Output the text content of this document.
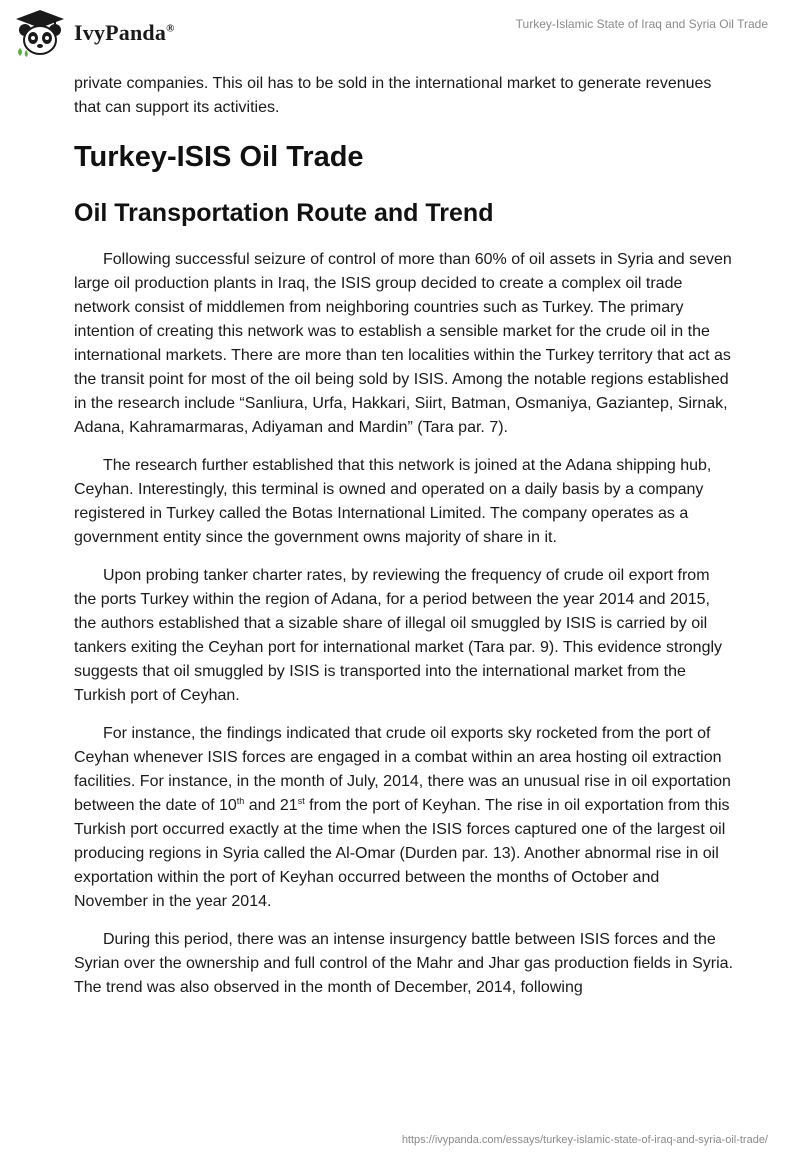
IvyPanda®	Turkey-Islamic State of Iraq and Syria Oil Trade

private companies. This oil has to be sold in the international market to generate revenues that can support its activities.

Turkey-ISIS Oil Trade
Oil Transportation Route and Trend

Following successful seizure of control of more than 60% of oil assets in Syria and seven large oil production plants in Iraq, the ISIS group decided to create a complex oil trade network consist of middlemen from neighboring countries such as Turkey. The primary intention of creating this network was to establish a sensible market for the crude oil in the international markets. There are more than ten localities within the Turkey territory that act as the transit point for most of the oil being sold by ISIS. Among the notable regions established in the research include “Sanliura, Urfa, Hakkari, Siirt, Batman, Osmaniya, Gaziantep, Sirnak, Adana, Kahramarmaras, Adiyaman and Mardin” (Tara par. 7).

The research further established that this network is joined at the Adana shipping hub, Ceyhan. Interestingly, this terminal is owned and operated on a daily basis by a company registered in Turkey called the Botas International Limited. The company operates as a government entity since the government owns majority of share in it.

Upon probing tanker charter rates, by reviewing the frequency of crude oil export from the ports Turkey within the region of Adana, for a period between the year 2014 and 2015, the authors established that a sizable share of illegal oil smuggled by ISIS is carried by oil tankers exiting the Ceyhan port for international market (Tara par. 9). This evidence strongly suggests that oil smuggled by ISIS is transported into the international market from the Turkish port of Ceyhan.

For instance, the findings indicated that crude oil exports sky rocketed from the port of Ceyhan whenever ISIS forces are engaged in a combat within an area hosting oil extraction facilities. For instance, in the month of July, 2014, there was an unusual rise in oil exportation between the date of 10th and 21st from the port of Keyhan. The rise in oil exportation from this Turkish port occurred exactly at the time when the ISIS forces captured one of the largest oil producing regions in Syria called the Al-Omar (Durden par. 13). Another abnormal rise in oil exportation within the port of Keyhan occurred between the months of October and November in the year 2014.

During this period, there was an intense insurgency battle between ISIS forces and the Syrian over the ownership and full control of the Mahr and Jhar gas production fields in Syria. The trend was also observed in the month of December, 2014, following

https://ivypanda.com/essays/turkey-islamic-state-of-iraq-and-syria-oil-trade/
